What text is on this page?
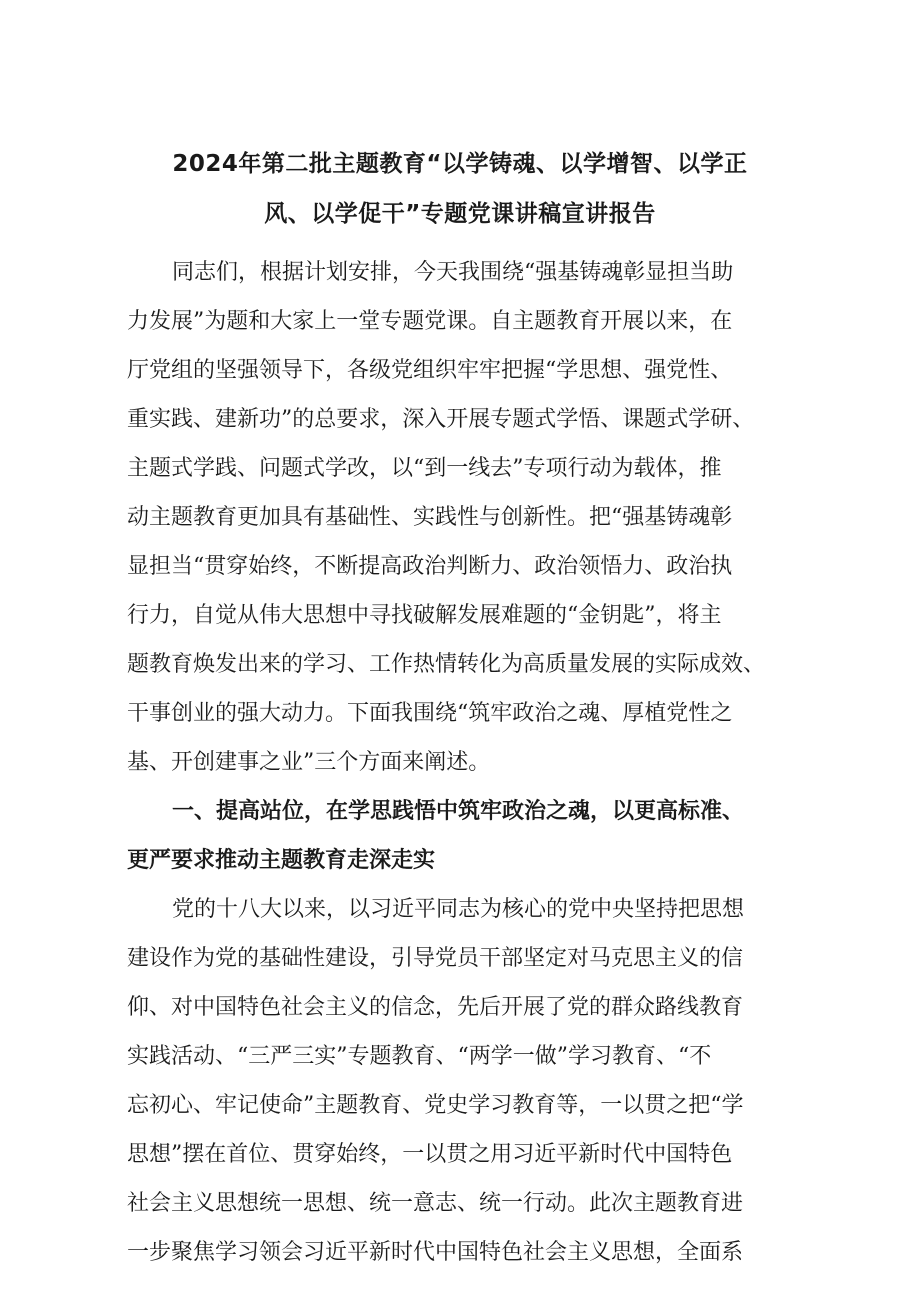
2024年第二批主题教育“以学铸魂、以学增智、以学正
风、以学促干”专题党课讲稿宣讲报告
同志们，根据计划安排，今天我围绕“强基铸魂彰显担当助
力发展”为题和大家上一堂专题党课。自主题教育开展以来，在
厅党组的坚强领导下，各级党组织牢牢把握“学思想、强党性、
重实践、建新功”的总要求，深入开展专题式学悟、课题式学研、
主题式学践、问题式学改，以“到一线去”专项行动为载体，推
动主题教育更加具有基础性、实践性与创新性。把“强基铸魂彰
显担当“贯穿始终，不断提高政治判断力、政治领悟力、政治执
行力，自觉从伟大思想中寻找破解发展难题的“金钥匙”，将主
题教育焕发出来的学习、工作热情转化为高质量发展的实际成效、
干事创业的强大动力。下面我围绕“筑牢政治之魂、厚植党性之
基、开创建事之业”三个方面来阐述。
一、提高站位，在学思践悟中筑牢政治之魂，以更高标准、
更严要求推动主题教育走深走实
党的十八大以来，以习近平同志为核心的党中央坚持把思想
建设作为党的基础性建设，引导党员干部坚定对马克思主义的信
仰、对中国特色社会主义的信念，先后开展了党的群众路线教育
实践活动、“三严三实”专题教育、“两学一做”学习教育、“不
忘初心、牢记使命”主题教育、党史学习教育等，一以贯之把“学
思想”摆在首位、贯穿始终，一以贯之用习近平新时代中国特色
社会主义思想统一思想、统一意志、统一行动。此次主题教育进
一步聚焦学习领会习近平新时代中国特色社会主义思想，全面系
